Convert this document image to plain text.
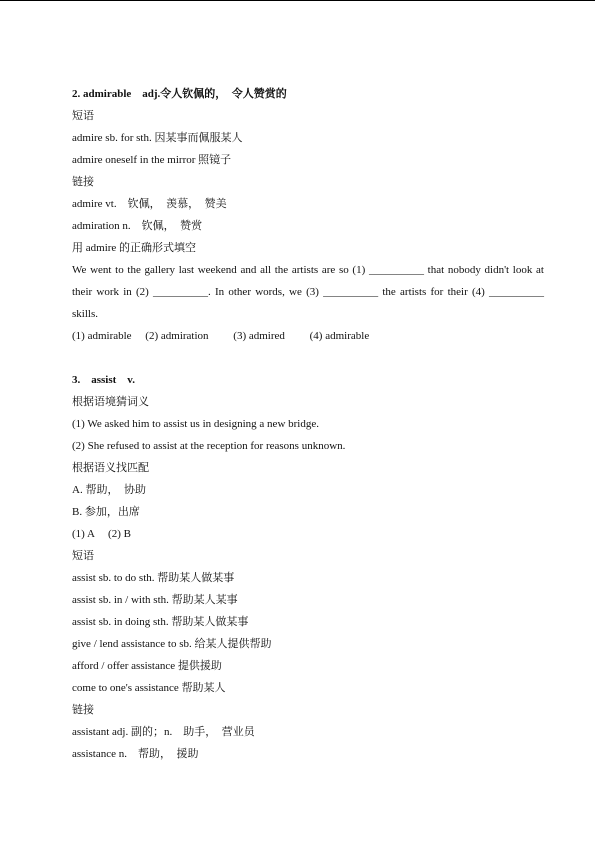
2. admirable　adj.令人钦佩的，　令人赞赏的
短语
admire sb. for sth. 因某事而佩服某人
admire oneself in the mirror 照镜子
链接
admire vt.　钦佩，　羡慕，　赞美
admiration n.　钦佩，　赞赏
用 admire 的正确形式填空
We went to the gallery last weekend and all the artists are so (1) __________ that nobody didn't look at their work in (2) __________. In other words, we (3) __________ the artists for their (4) __________ skills.
(1) admirable　 (2) admiration　　 (3) admired　　 (4) admirable
3.　assist　v.
根据语境猜词义
(1) We asked him to assist us in designing a new bridge.
(2) She refused to assist at the reception for reasons unknown.
根据语义找匹配
A. 帮助，　协助
B. 参加，出席
(1) A　 (2) B
短语
assist sb. to do sth. 帮助某人做某事
assist sb. in / with sth. 帮助某人某事
assist sb. in doing sth. 帮助某人做某事
give / lend assistance to sb. 给某人提供帮助
afford / offer assistance 提供援助
come to one's assistance 帮助某人
链接
assistant adj. 副的；n.　助手，　营业员
assistance n.　帮助，　援助
